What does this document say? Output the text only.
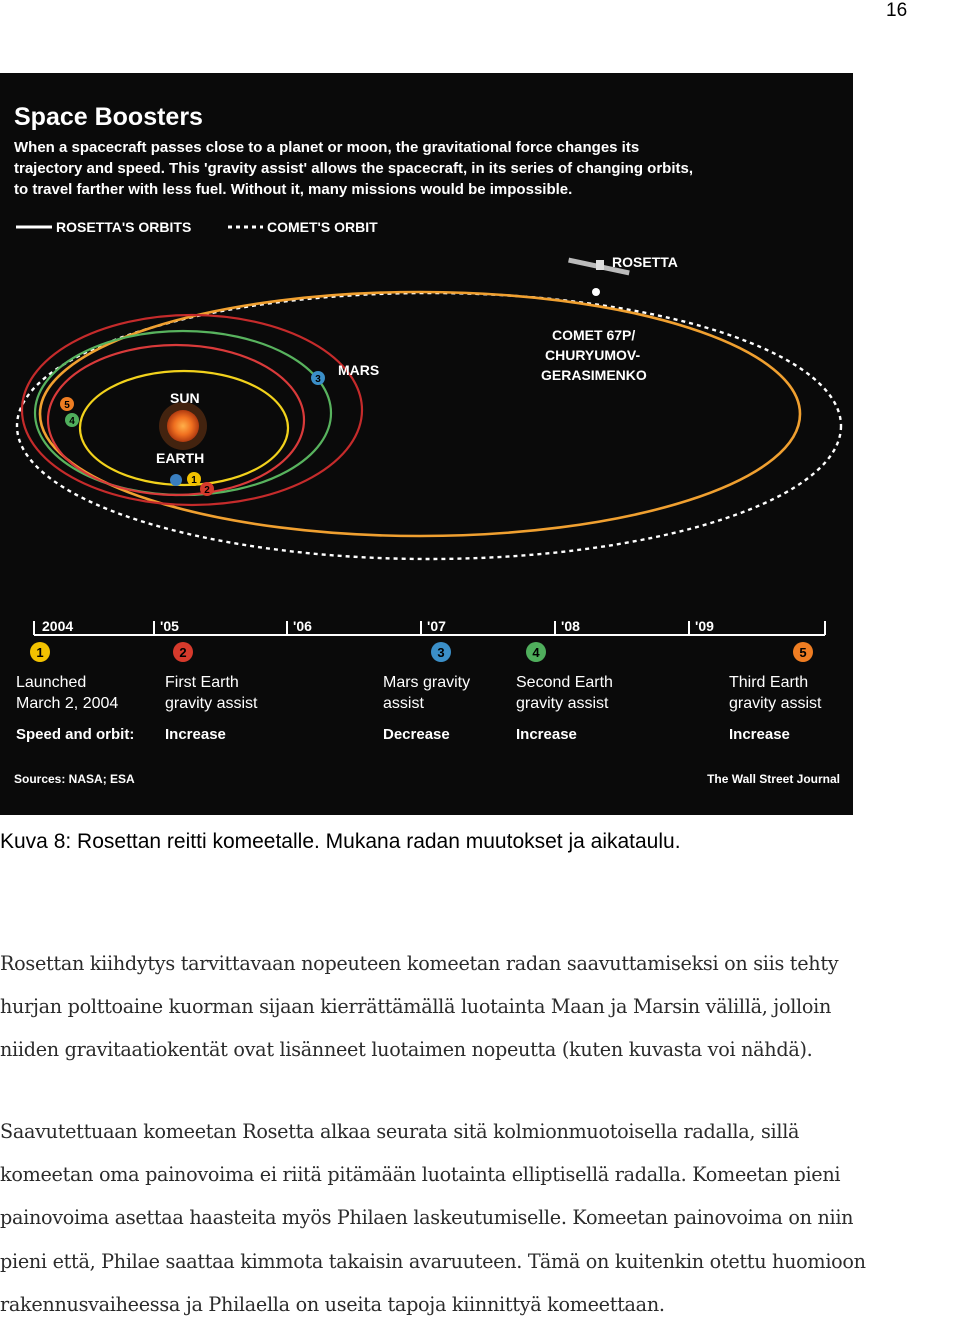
16
Space Boosters
When a spacecraft passes close to a planet or moon, the gravitational force changes its
trajectory and speed. This 'gravity assist' allows the spacecraft, in its series of changing orbits,
to travel farther with less fuel. Without it, many missions would be impossible.
ROSETTA'S ORBITS	COMET'S ORBIT
SUN
EARTH
1
2
3
4
5
MARS
ROSETTA
COMET 67P/
CHURYUMOV-
GERASIMENKO
2004	'05	'06	'07	'08	'09
1
Launched
March 2, 2004
Speed and orbit:
2
First Earth
gravity assist
Increase
3
Mars gravity
assist
Decrease
4
Second Earth
gravity assist
Increase
5
Third Earth
gravity assist
Increase
Sources: NASA; ESA	The Wall Street Journal
Kuva 8: Rosettan reitti komeetalle. Mukana radan muutokset ja aikataulu.
Rosettan kiihdytys tarvittavaan nopeuteen komeetan radan saavuttamiseksi on siis tehty
hurjan polttoaine kuorman sijaan kierrättämällä luotainta Maan ja Marsin välillä, jolloin
niiden gravitaatiokentät ovat lisänneet luotaimen nopeutta (kuten kuvasta voi nähdä).
Saavutettuaan komeetan Rosetta alkaa seurata sitä kolmionmuotoisella radalla, sillä
komeetan oma painovoima ei riitä pitämään luotainta elliptisellä radalla. Komeetan pieni
painovoima asettaa haasteita myös Philaen laskeutumiselle. Komeetan painovoima on niin
pieni että, Philae saattaa kimmota takaisin avaruuteen. Tämä on kuitenkin otettu huomioon
rakennusvaiheessa ja Philaella on useita tapoja kiinnittyä komeettaan.
